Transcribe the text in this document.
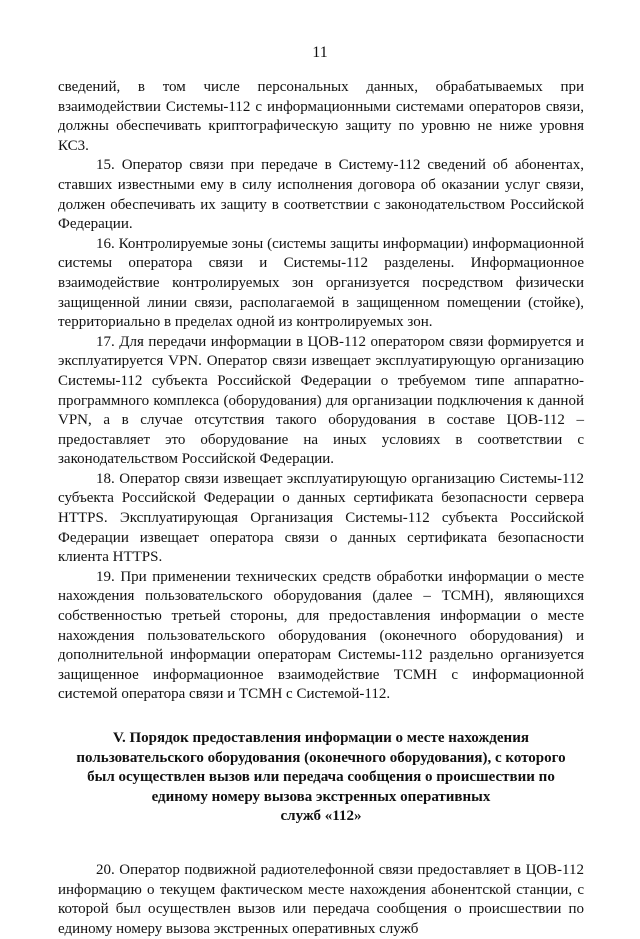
11

сведений, в том числе персональных данных, обрабатываемых при взаимодействии Системы-112 с информационными системами операторов связи, должны обеспечивать криптографическую защиту по уровню не ниже уровня КС3.

15. Оператор связи при передаче в Систему-112 сведений об абонентах, ставших известными ему в силу исполнения договора об оказании услуг связи, должен обеспечивать их защиту в соответствии с законодательством Российской Федерации.

16. Контролируемые зоны (системы защиты информации) информационной системы оператора связи и Системы-112 разделены. Информационное взаимодействие контролируемых зон организуется посредством физически защищенной линии связи, располагаемой в защищенном помещении (стойке), территориально в пределах одной из контролируемых зон.

17. Для передачи информации в ЦОВ-112 оператором связи формируется и эксплуатируется VPN. Оператор связи извещает эксплуатирующую организацию Системы-112 субъекта Российской Федерации о требуемом типе аппаратно-программного комплекса (оборудования) для организации подключения к данной VPN, а в случае отсутствия такого оборудования в составе ЦОВ-112 – предоставляет это оборудование на иных условиях в соответствии с законодательством Российской Федерации.

18. Оператор связи извещает эксплуатирующую организацию Системы-112 субъекта Российской Федерации о данных сертификата безопасности сервера HTTPS. Эксплуатирующая Организация Системы-112 субъекта Российской Федерации извещает оператора связи о данных сертификата безопасности клиента HTTPS.

19. При применении технических средств обработки информации о месте нахождения пользовательского оборудования (далее – ТСМН), являющихся собственностью третьей стороны, для предоставления информации о месте нахождения пользовательского оборудования (оконечного оборудования) и дополнительной информации операторам Системы-112 раздельно организуется защищенное информационное взаимодействие ТСМН с информационной системой оператора связи и ТСМН с Системой-112.

V. Порядок предоставления информации о месте нахождения
пользовательского оборудования (оконечного оборудования), с которого
был осуществлен вызов или передача сообщения о происшествии по
единому номеру вызова экстренных оперативных
служб «112»

20. Оператор подвижной радиотелефонной связи предоставляет в ЦОВ-112 информацию о текущем фактическом месте нахождения абонентской станции, с которой был осуществлен вызов или передача сообщения о происшествии по единому номеру вызова экстренных оперативных служб
